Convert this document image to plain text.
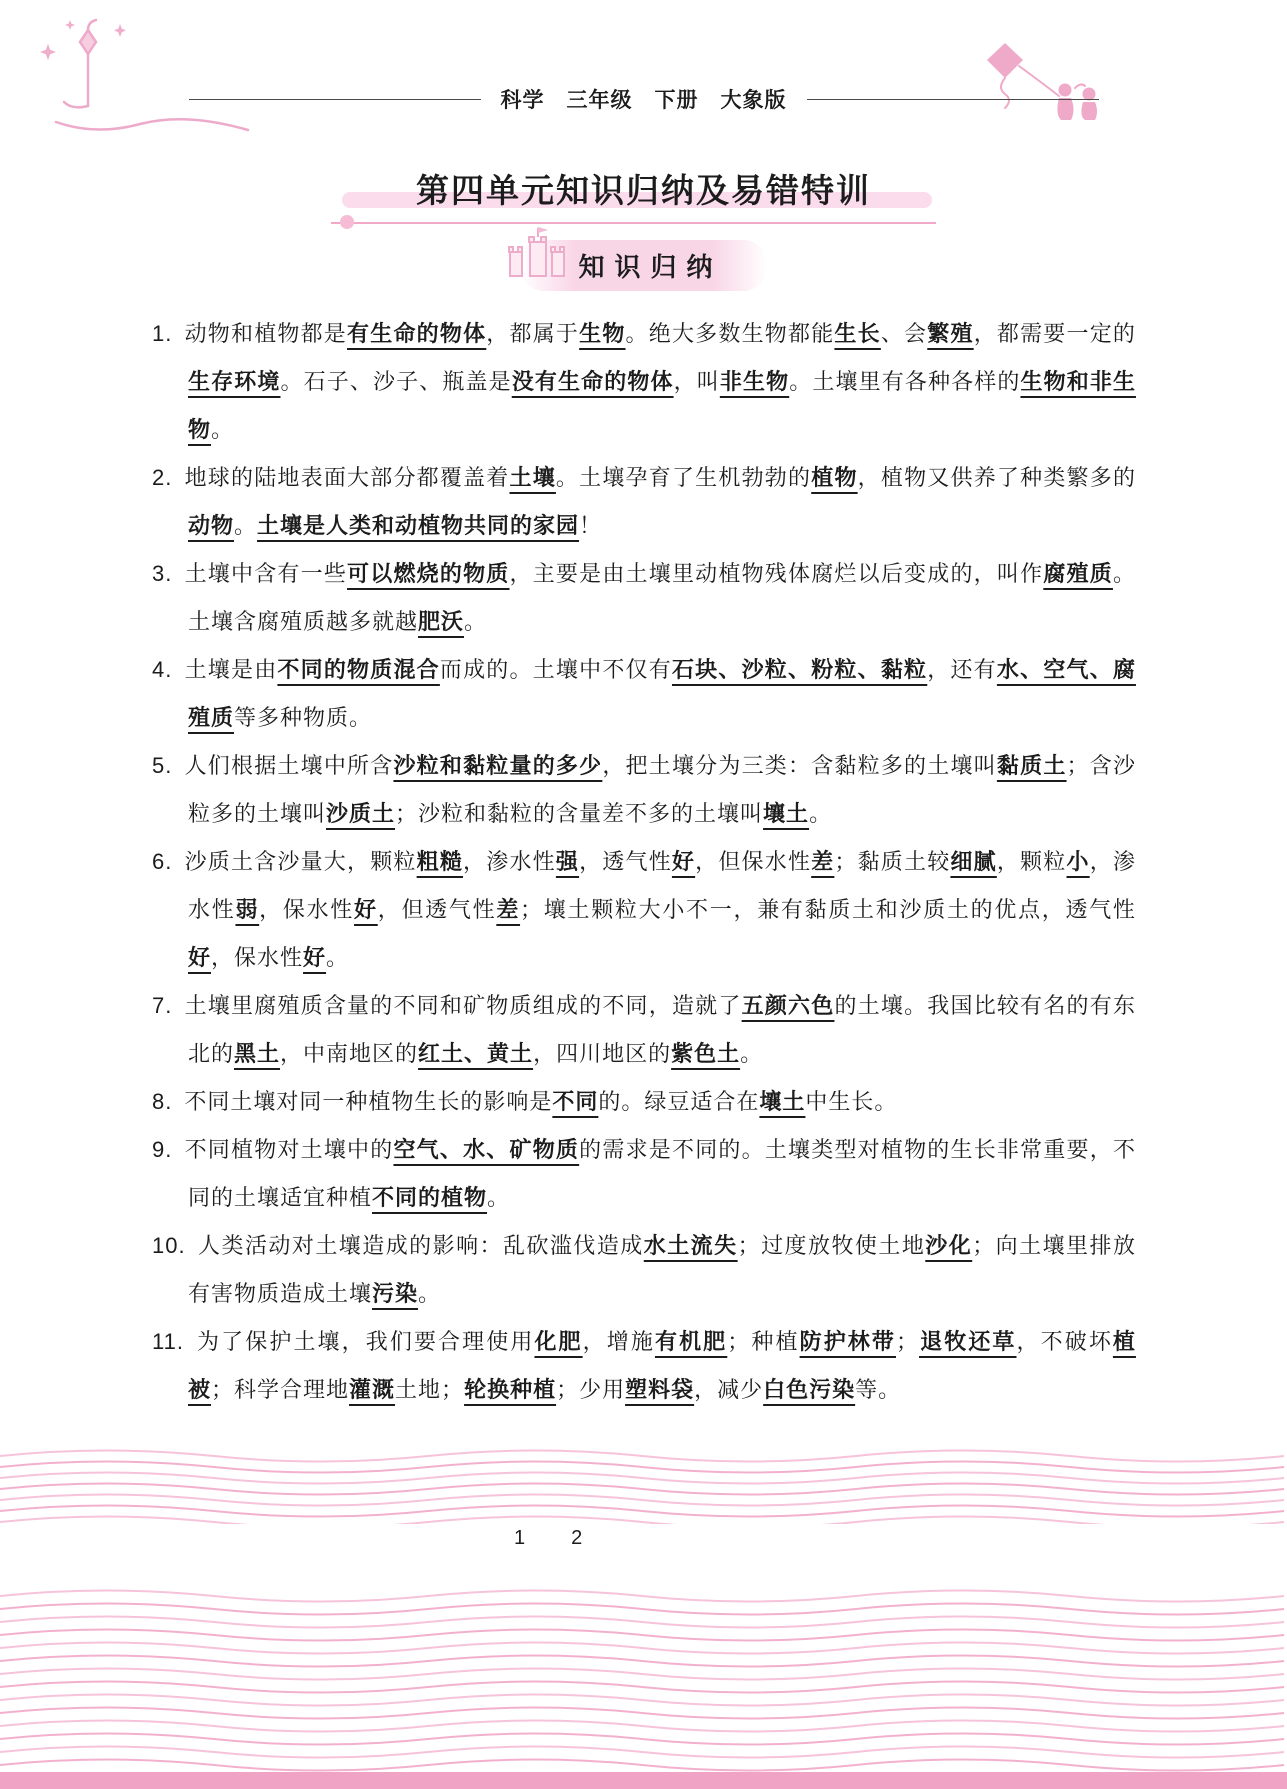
科学　三年级　下册　大象版
第四单元知识归纳及易错特训
知识归纳
1. 动物和植物都是有生命的物体，都属于生物。绝大多数生物都能生长、会繁殖，都需要一定的生存环境。石子、沙子、瓶盖是没有生命的物体，叫非生物。土壤里有各种各样的生物和非生物。
2. 地球的陆地表面大部分都覆盖着土壤。土壤孕育了生机勃勃的植物，植物又供养了种类繁多的动物。土壤是人类和动植物共同的家园！
3. 土壤中含有一些可以燃烧的物质，主要是由土壤里动植物残体腐烂以后变成的，叫作腐殖质。土壤含腐殖质越多就越肥沃。
4. 土壤是由不同的物质混合而成的。土壤中不仅有石块、沙粒、粉粒、黏粒，还有水、空气、腐殖质等多种物质。
5. 人们根据土壤中所含沙粒和黏粒量的多少，把土壤分为三类：含黏粒多的土壤叫黏质土；含沙粒多的土壤叫沙质土；沙粒和黏粒的含量差不多的土壤叫壤土。
6. 沙质土含沙量大，颗粒粗糙，渗水性强，透气性好，但保水性差；黏质土较细腻，颗粒小，渗水性弱，保水性好，但透气性差；壤土颗粒大小不一，兼有黏质土和沙质土的优点，透气性好，保水性好。
7. 土壤里腐殖质含量的不同和矿物质组成的不同，造就了五颜六色的土壤。我国比较有名的有东北的黑土，中南地区的红土、黄土，四川地区的紫色土。
8. 不同土壤对同一种植物生长的影响是不同的。绿豆适合在壤土中生长。
9. 不同植物对土壤中的空气、水、矿物质的需求是不同的。土壤类型对植物的生长非常重要，不同的土壤适宜种植不同的植物。
10. 人类活动对土壤造成的影响：乱砍滥伐造成水土流失；过度放牧使土地沙化；向土壤里排放有害物质造成土壤污染。
11. 为了保护土壤，我们要合理使用化肥，增施有机肥；种植防护林带；退牧还草，不破坏植被；科学合理地灌溉土地；轮换种植；少用塑料袋，减少白色污染等。
1 2
